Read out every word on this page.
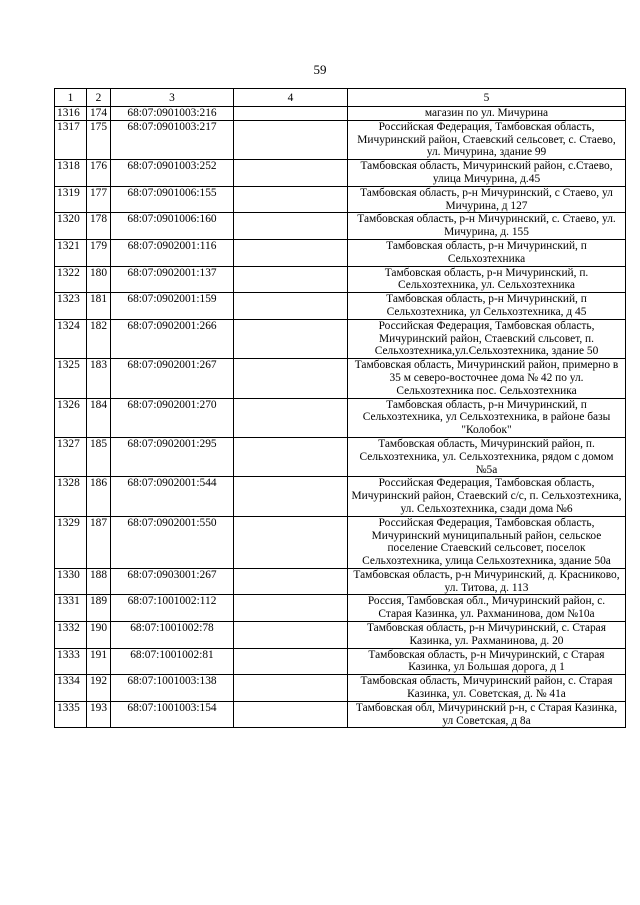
59
1	2	3	4	5
1316	174	68:07:0901003:216		магазин по ул. Мичурина
1317	175	68:07:0901003:217		Российская Федерация, Тамбовская область, Мичуринский район, Стаевский сельсовет, с. Стаево, ул. Мичурина, здание 99
1318	176	68:07:0901003:252		Тамбовская область, Мичуринский район, с.Стаево, улица Мичурина, д.45
1319	177	68:07:0901006:155		Тамбовская область, р-н Мичуринский, с Стаево, ул Мичурина, д 127
1320	178	68:07:0901006:160		Тамбовская область, р-н Мичуринский, с. Стаево, ул. Мичурина, д. 155
1321	179	68:07:0902001:116		Тамбовская область, р-н Мичуринский, п Сельхозтехника
1322	180	68:07:0902001:137		Тамбовская область, р-н Мичуринский, п. Сельхозтехника, ул. Сельхозтехника
1323	181	68:07:0902001:159		Тамбовская область, р-н Мичуринский, п Сельхозтехника, ул Сельхозтехника, д 45
1324	182	68:07:0902001:266		Российская Федерация, Тамбовская область, Мичуринский район, Стаевский сльсовет, п. Сельхозтехника,ул.Сельхозтехника, здание 50
1325	183	68:07:0902001:267		Тамбовская область, Мичуринский район, примерно в 35 м северо-восточнее дома № 42 по ул. Сельхозтехника пос. Сельхозтехника
1326	184	68:07:0902001:270		Тамбовская область, р-н Мичуринский, п Сельхозтехника, ул Сельхозтехника, в районе базы "Колобок"
1327	185	68:07:0902001:295		Тамбовская область, Мичуринский район, п. Сельхозтехника, ул. Сельхозтехника, рядом с домом №5а
1328	186	68:07:0902001:544		Российская Федерация, Тамбовская область, Мичуринский район, Стаевский с/с, п. Сельхозтехника, ул. Сельхозтехника, сзади дома №6
1329	187	68:07:0902001:550		Российская Федерация, Тамбовская область, Мичуринский муниципальный район, сельское поселение Стаевский сельсовет, поселок Сельхозтехника, улица Сельхозтехника, здание 50а
1330	188	68:07:0903001:267		Тамбовская область, р-н Мичуринский, д. Красниково, ул. Титова, д. 113
1331	189	68:07:1001002:112		Россия, Тамбовская обл., Мичуринский район, с. Старая Казинка, ул. Рахманинова, дом №10а
1332	190	68:07:1001002:78		Тамбовская область, р-н Мичуринский, с. Старая Казинка, ул. Рахманинова, д. 20
1333	191	68:07:1001002:81		Тамбовская область, р-н Мичуринский, с Старая Казинка, ул Большая дорога, д 1
1334	192	68:07:1001003:138		Тамбовская область, Мичуринский район, с. Старая Казинка, ул. Советская, д. № 41а
1335	193	68:07:1001003:154		Тамбовская обл, Мичуринский р-н, с Старая Казинка, ул Советская, д 8а
